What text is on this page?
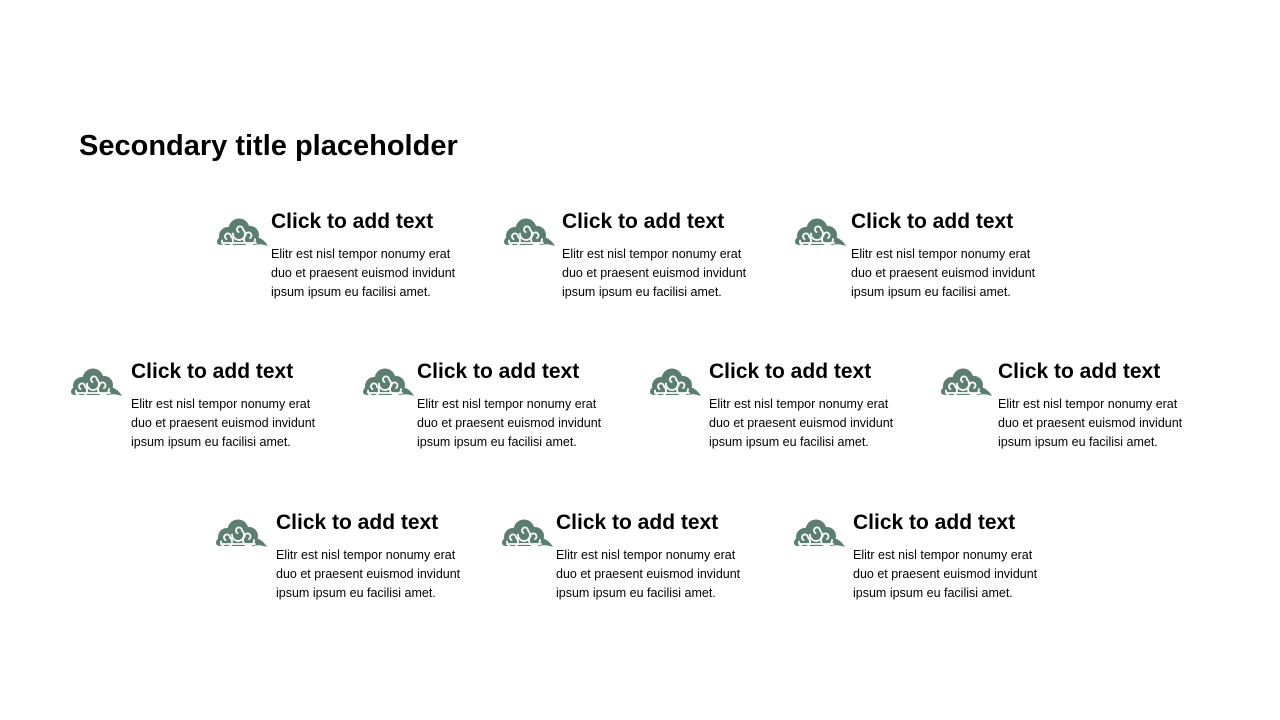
Secondary title placeholder
Click to add text

Elitr est nisl tempor nonumy erat duo et praesent euismod invidunt ipsum ipsum eu facilisi amet.

Click to add text

Elitr est nisl tempor nonumy erat duo et praesent euismod invidunt ipsum ipsum eu facilisi amet.

Click to add text

Elitr est nisl tempor nonumy erat duo et praesent euismod invidunt ipsum ipsum eu facilisi amet.

Click to add text

Elitr est nisl tempor nonumy erat duo et praesent euismod invidunt ipsum ipsum eu facilisi amet.

Click to add text

Elitr est nisl tempor nonumy erat duo et praesent euismod invidunt ipsum ipsum eu facilisi amet.

Click to add text

Elitr est nisl tempor nonumy erat duo et praesent euismod invidunt ipsum ipsum eu facilisi amet.

Click to add text

Elitr est nisl tempor nonumy erat duo et praesent euismod invidunt ipsum ipsum eu facilisi amet.

Click to add text

Elitr est nisl tempor nonumy erat duo et praesent euismod invidunt ipsum ipsum eu facilisi amet.

Click to add text

Elitr est nisl tempor nonumy erat duo et praesent euismod invidunt ipsum ipsum eu facilisi amet.

Click to add text

Elitr est nisl tempor nonumy erat duo et praesent euismod invidunt ipsum ipsum eu facilisi amet.
